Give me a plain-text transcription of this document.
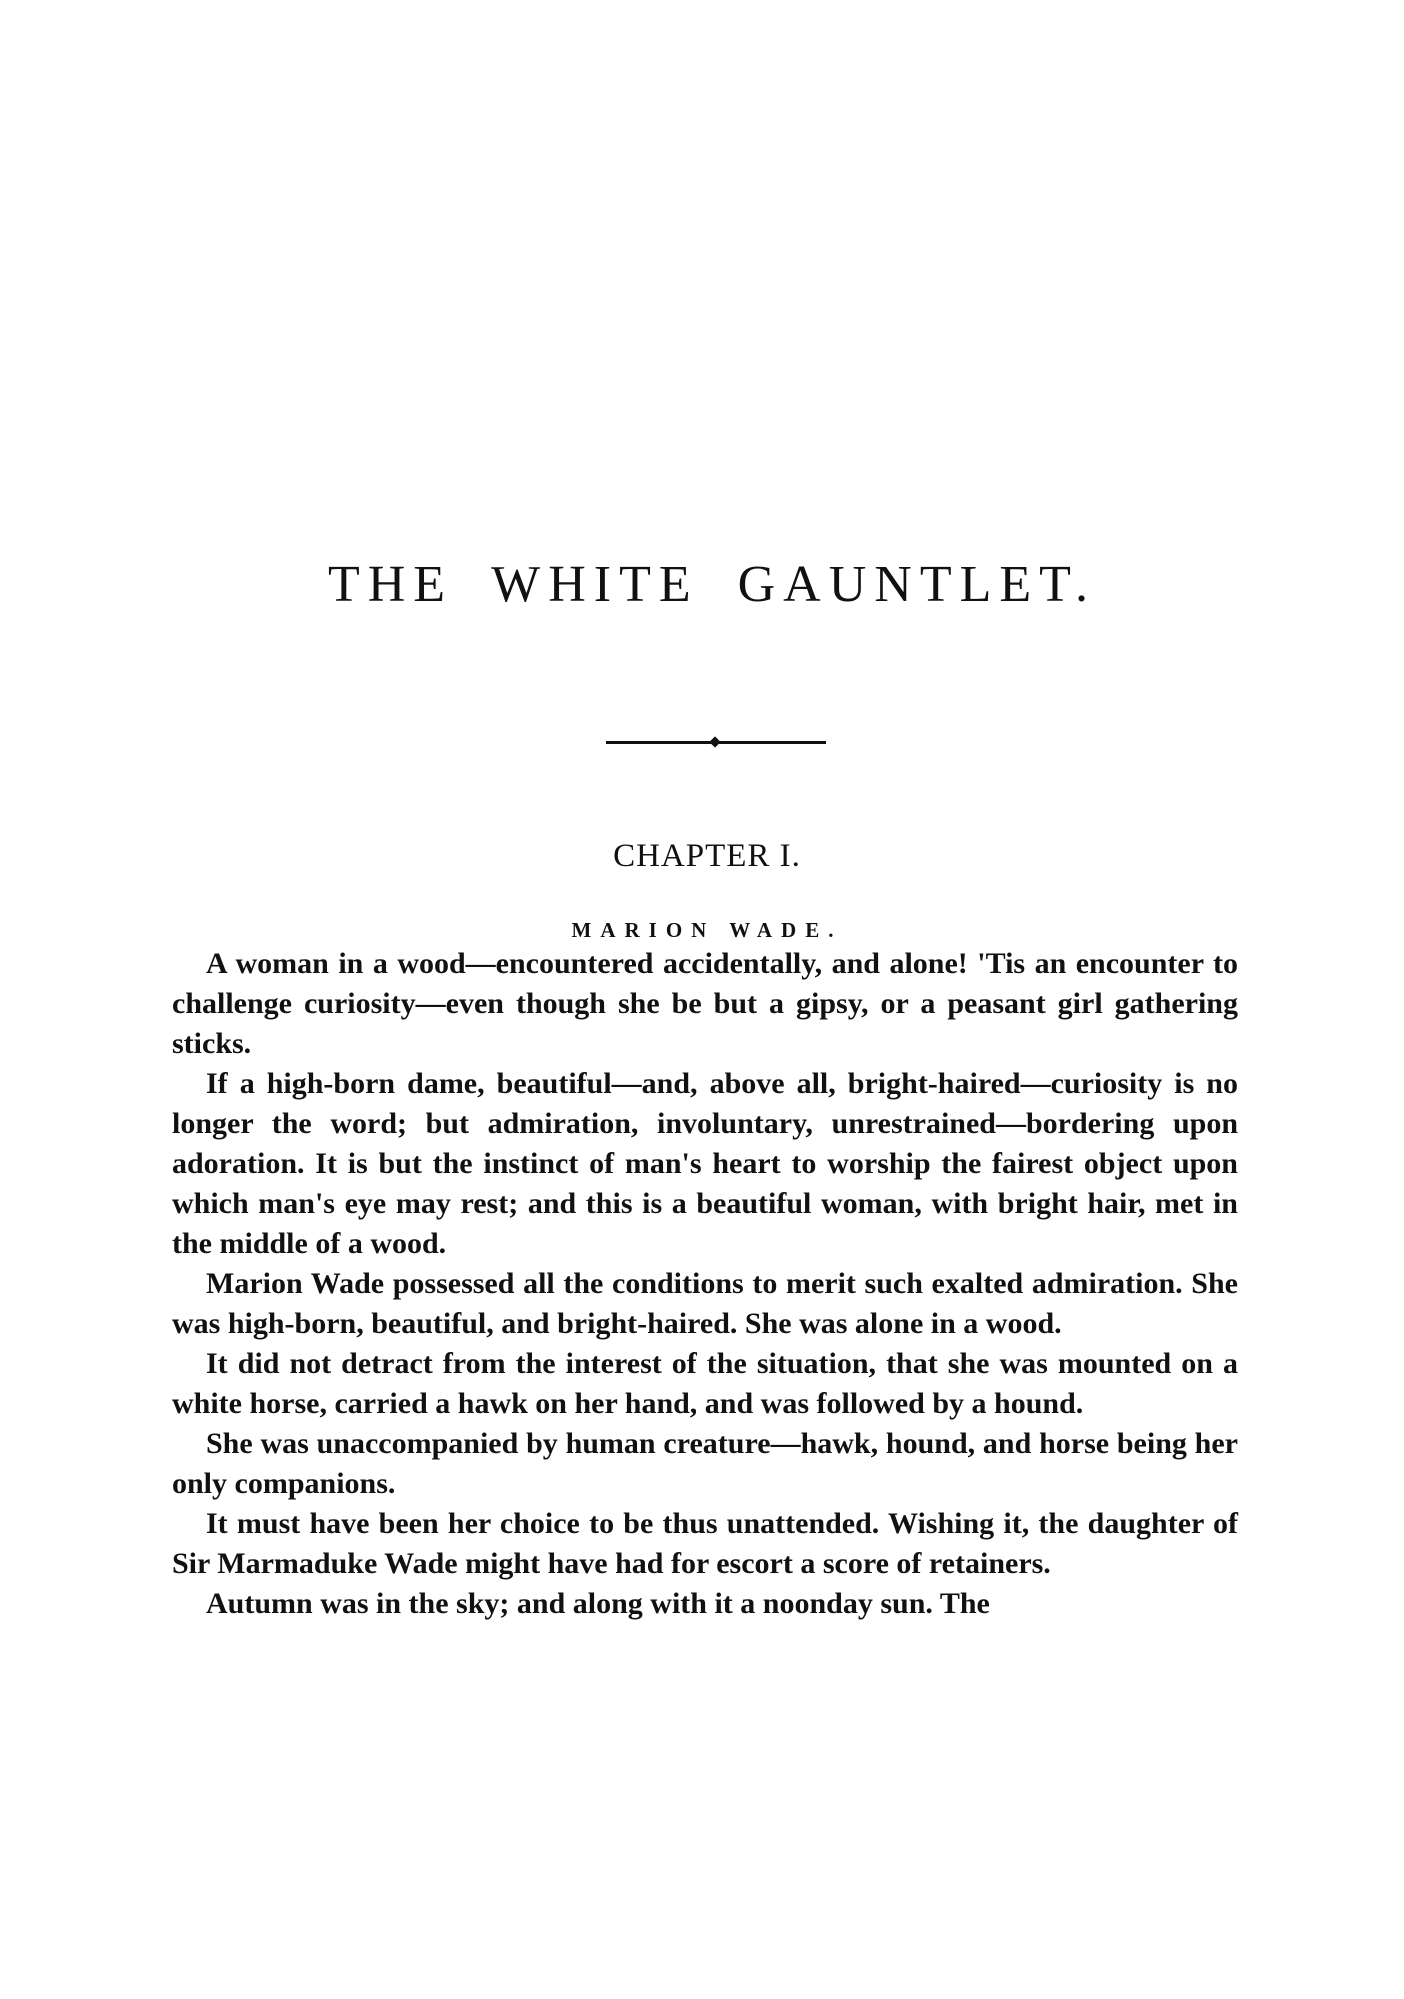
THE WHITE GAUNTLET.
CHAPTER I.
MARION WADE.

A woman in a wood—encountered accidentally, and alone! 'Tis an encounter to challenge curiosity—even though she be but a gipsy, or a peasant girl gathering sticks.

If a high-born dame, beautiful—and, above all, bright-haired—curiosity is no longer the word; but admiration, involuntary, unrestrained—bordering upon adoration. It is but the instinct of man's heart to worship the fairest object upon which man's eye may rest; and this is a beautiful woman, with bright hair, met in the middle of a wood.

Marion Wade possessed all the conditions to merit such exalted admiration. She was high-born, beautiful, and bright-haired. She was alone in a wood.

It did not detract from the interest of the situation, that she was mounted on a white horse, carried a hawk on her hand, and was followed by a hound.

She was unaccompanied by human creature—hawk, hound, and horse being her only companions.

It must have been her choice to be thus unattended. Wishing it, the daughter of Sir Marmaduke Wade might have had for escort a score of retainers.

Autumn was in the sky; and along with it a noonday sun. The
